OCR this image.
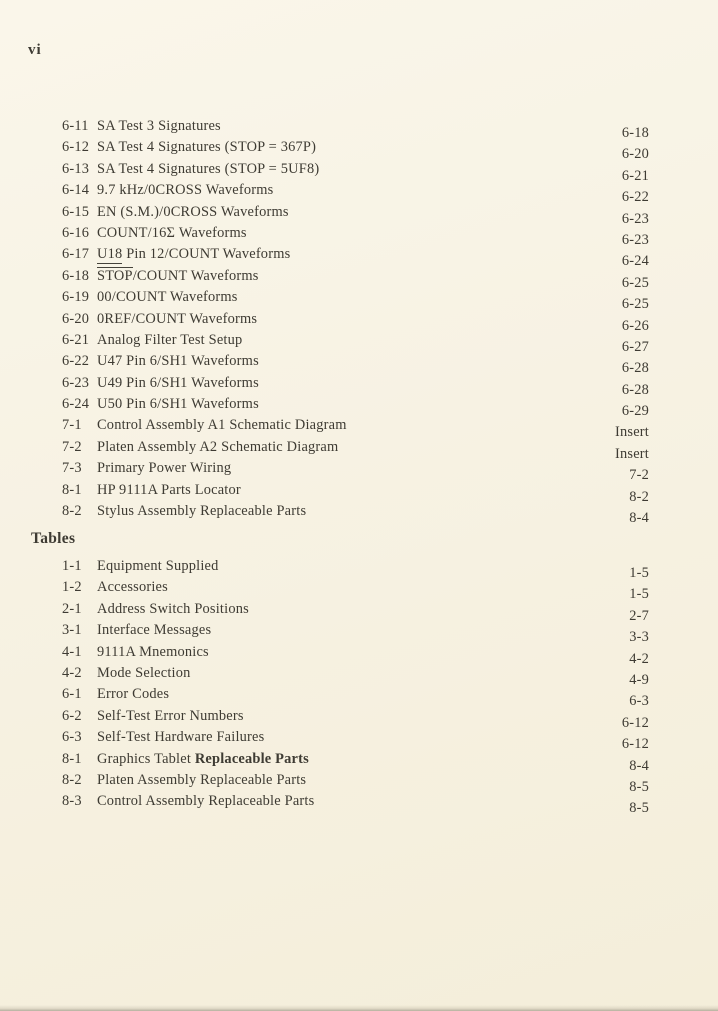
vi
6-11 SA Test 3 Signatures	6-18
6-12 SA Test 4 Signatures (STOP = 367P)	6-20
6-13 SA Test 4 Signatures (STOP = 5UF8)	6-21
6-14 9.7 kHz/0CROSS Waveforms	6-22
6-15 EN (S.M.)/0CROSS Waveforms	6-23
6-16 COUNT/16Σ Waveforms	6-23
6-17 U18 Pin 12/COUNT Waveforms	6-24
6-18 STOP/COUNT Waveforms	6-25
6-19 00/COUNT Waveforms	6-25
6-20 0REF/COUNT Waveforms	6-26
6-21 Analog Filter Test Setup	6-27
6-22 U47 Pin 6/SH1 Waveforms	6-28
6-23 U49 Pin 6/SH1 Waveforms	6-28
6-24 U50 Pin 6/SH1 Waveforms	6-29
7-1	Control Assembly A1 Schematic Diagram	Insert
7-2	Platen Assembly A2 Schematic Diagram	Insert
7-3	Primary Power Wiring	7-2
8-1	HP 9111A Parts Locator	8-2
8-2	Stylus Assembly Replaceable Parts	8-4
Tables
1-1	Equipment Supplied	1-5
1-2	Accessories	1-5
2-1	Address Switch Positions	2-7
3-1	Interface Messages	3-3
4-1	9111A Mnemonics	4-2
4-2	Mode Selection	4-9
6-1	Error Codes	6-3
6-2	Self-Test Error Numbers	6-12
6-3	Self-Test Hardware Failures	6-12
8-1	Graphics Tablet Replaceable Parts	8-4
8-2	Platen Assembly Replaceable Parts	8-5
8-3	Control Assembly Replaceable Parts	8-5
